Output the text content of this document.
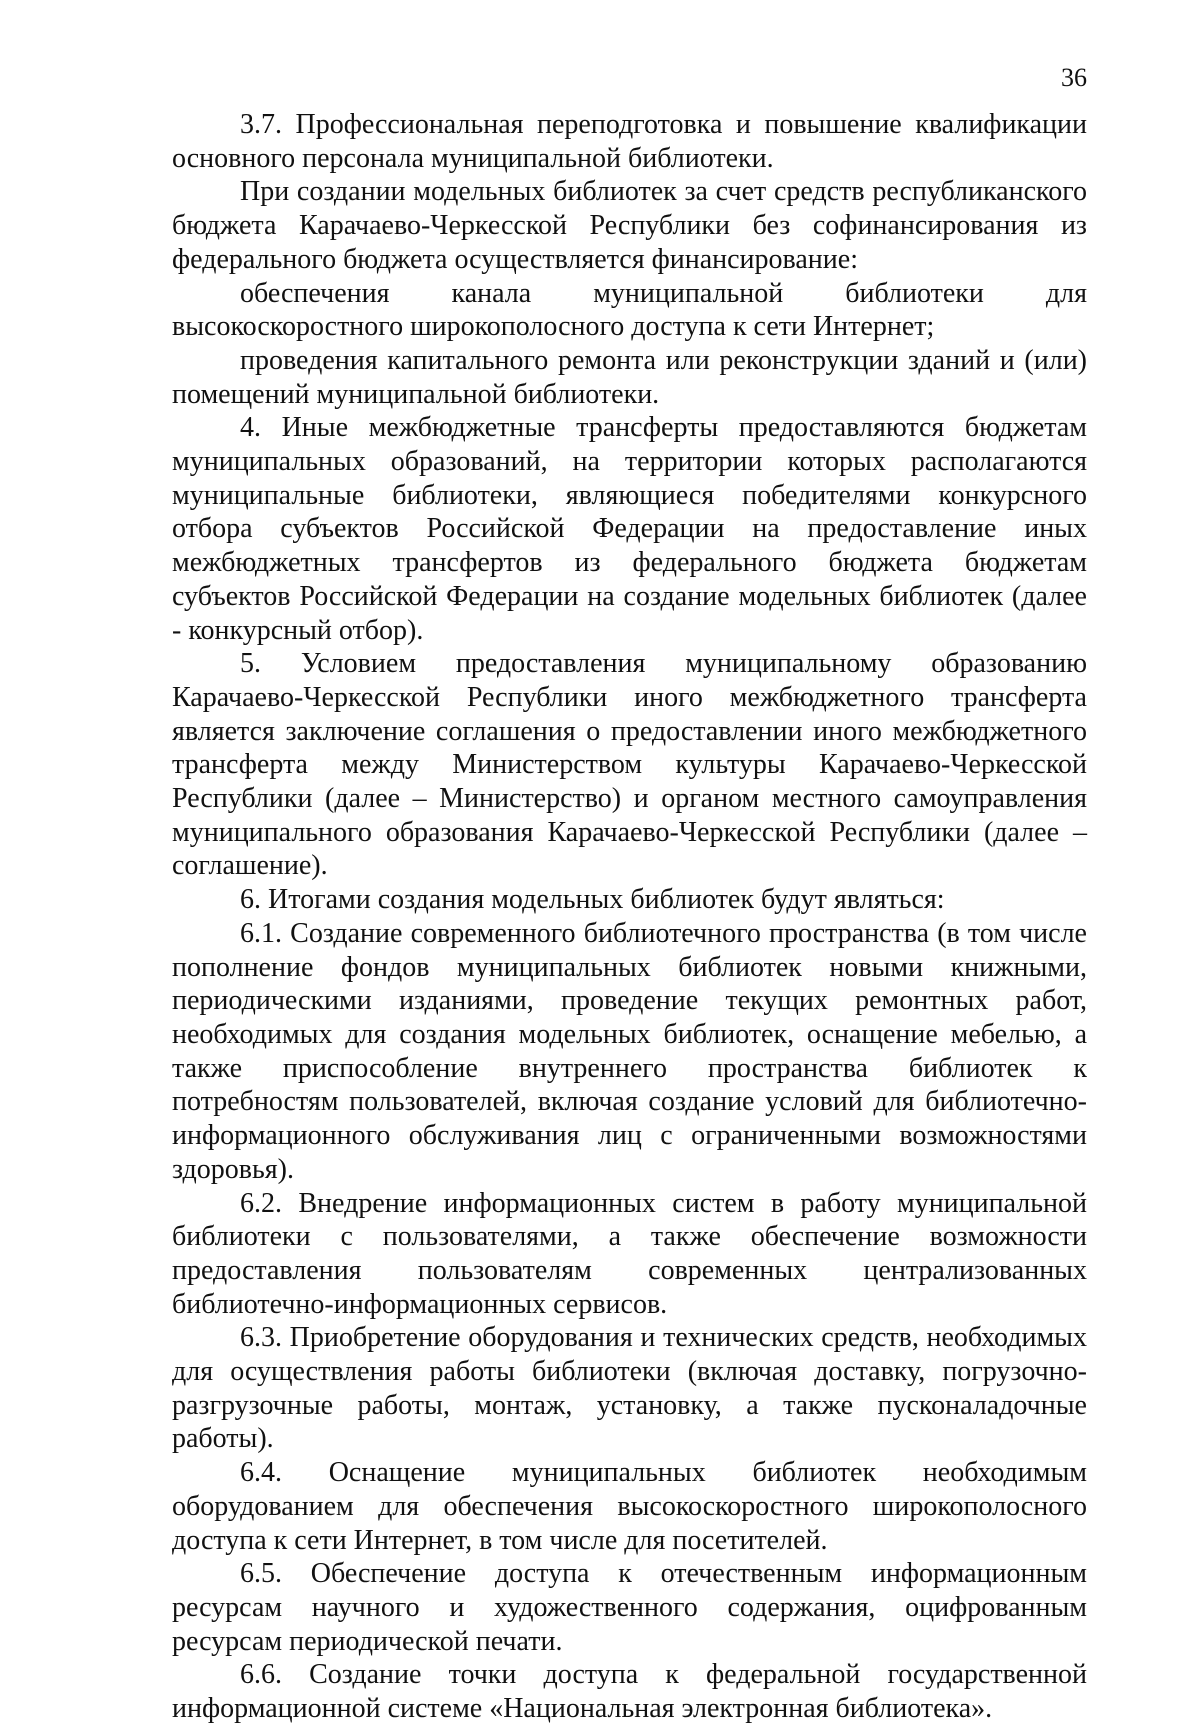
36

3.7. Профессиональная переподготовка и повышение квалификации основного персонала муниципальной библиотеки.

При создании модельных библиотек за счет средств республиканского бюджета Карачаево-Черкесской Республики без софинансирования из федерального бюджета осуществляется финансирование:

обеспечения канала муниципальной библиотеки для высокоскоростного широкополосного доступа к сети Интернет;

проведения капитального ремонта или реконструкции зданий и (или) помещений муниципальной библиотеки.

4. Иные межбюджетные трансферты предоставляются бюджетам муниципальных образований, на территории которых располагаются муниципальные библиотеки, являющиеся победителями конкурсного отбора субъектов Российской Федерации на предоставление иных межбюджетных трансфертов из федерального бюджета бюджетам субъектов Российской Федерации на создание модельных библиотек (далее - конкурсный отбор).

5. Условием предоставления муниципальному образованию Карачаево-Черкесской Республики иного межбюджетного трансферта является заключение соглашения о предоставлении иного межбюджетного трансферта между Министерством культуры Карачаево-Черкесской Республики (далее – Министерство) и органом местного самоуправления муниципального образования Карачаево-Черкесской Республики (далее –соглашение).

6. Итогами создания модельных библиотек будут являться:

6.1. Создание современного библиотечного пространства (в том числе пополнение фондов муниципальных библиотек новыми книжными, периодическими изданиями, проведение текущих ремонтных работ, необходимых для создания модельных библиотек, оснащение мебелью, а также приспособление внутреннего пространства библиотек к потребностям пользователей, включая создание условий для библиотечно-информационного обслуживания лиц с ограниченными возможностями здоровья).

6.2. Внедрение информационных систем в работу муниципальной библиотеки с пользователями, а также обеспечение возможности предоставления пользователям современных централизованных библиотечно-информационных сервисов.

6.3. Приобретение оборудования и технических средств, необходимых для осуществления работы библиотеки (включая доставку, погрузочно-разгрузочные работы, монтаж, установку, а также пусконаладочные работы).

6.4. Оснащение муниципальных библиотек необходимым оборудованием для обеспечения высокоскоростного широкополосного доступа к сети Интернет, в том числе для посетителей.

6.5. Обеспечение доступа к отечественным информационным ресурсам научного и художественного содержания, оцифрованным ресурсам периодической печати.

6.6. Создание точки доступа к федеральной государственной информационной системе «Национальная электронная библиотека».
